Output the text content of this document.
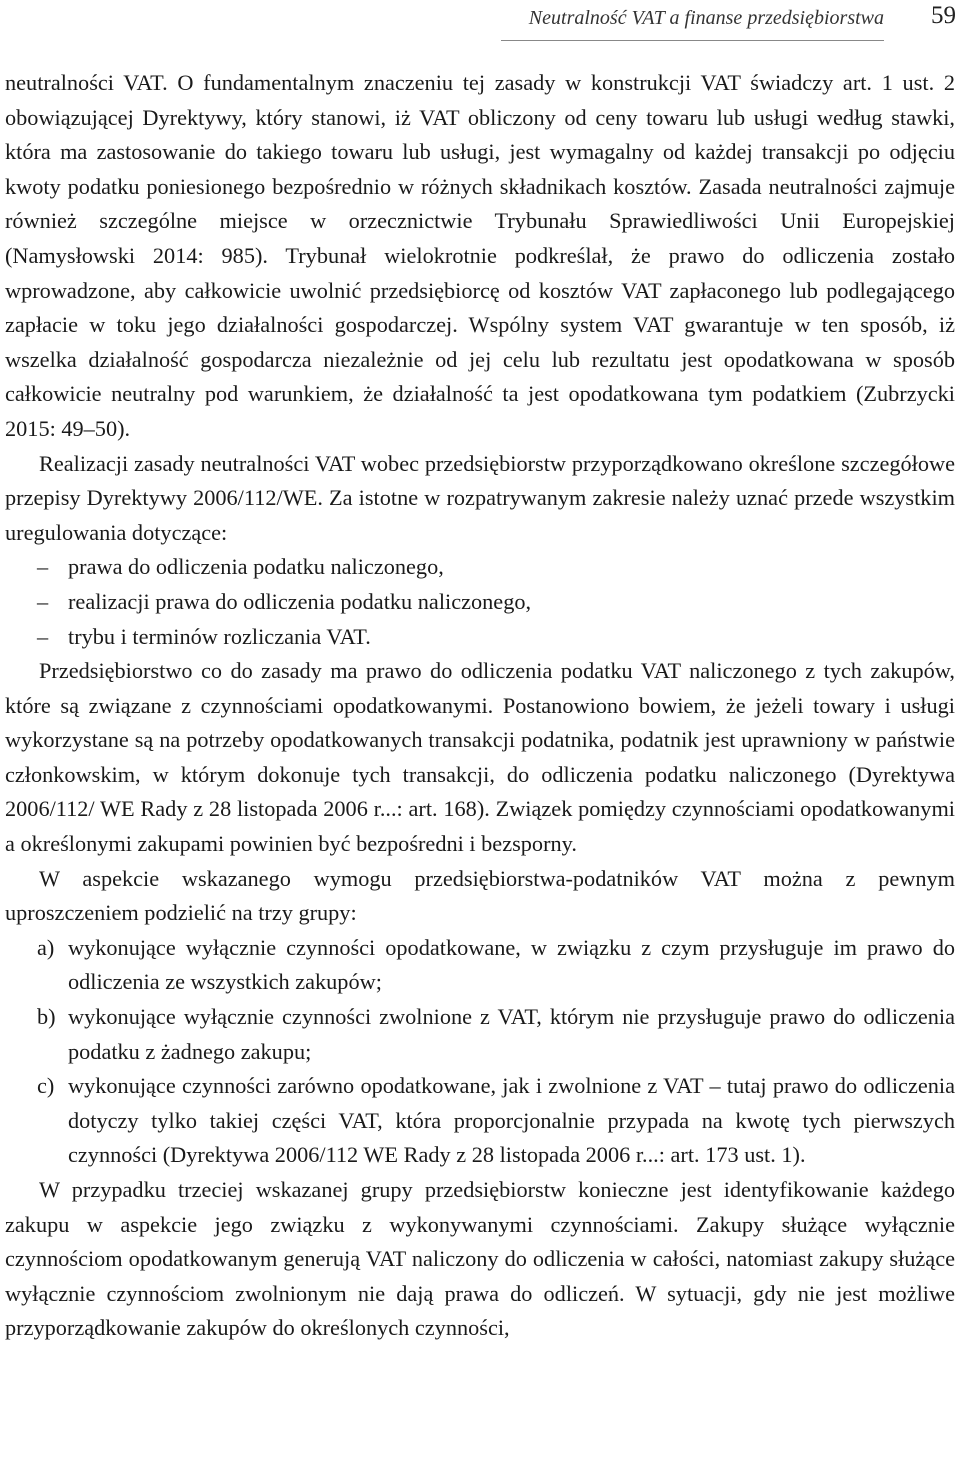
Neutralność VAT a finanse przedsiębiorstwa 59

neutralności VAT. O fundamentalnym znaczeniu tej zasady w konstrukcji VAT świadczy art. 1 ust. 2 obowiązującej Dyrektywy, który stanowi, iż VAT obliczony od ceny towaru lub usługi według stawki, która ma zastosowanie do takiego towaru lub usługi, jest wymagalny od każdej transakcji po odjęciu kwoty podatku poniesionego bezpośrednio w różnych składnikach kosztów. Zasada neutralności zajmuje również szczególne miejsce w orzecznictwie Trybunału Sprawiedliwości Unii Europejskiej (Namysłowski 2014: 985). Trybunał wielokrotnie podkreślał, że prawo do odliczenia zostało wprowadzone, aby całkowicie uwolnić przedsiębiorcę od kosztów VAT zapłaconego lub podlegającego zapłacie w toku jego działalności gospodarczej. Wspólny system VAT gwarantuje w ten sposób, iż wszelka działalność gospodarcza niezależnie od jej celu lub rezultatu jest opodatkowana w sposób całkowicie neutralny pod warunkiem, że działalność ta jest opodatkowana tym podatkiem (Zubrzycki 2015: 49–50).

Realizacji zasady neutralności VAT wobec przedsiębiorstw przyporządkowano określone szczegółowe przepisy Dyrektywy 2006/112/WE. Za istotne w rozpatrywanym zakresie należy uznać przede wszystkim uregulowania dotyczące:

– prawa do odliczenia podatku naliczonego,
– realizacji prawa do odliczenia podatku naliczonego,
– trybu i terminów rozliczania VAT.

Przedsiębiorstwo co do zasady ma prawo do odliczenia podatku VAT naliczonego z tych zakupów, które są związane z czynnościami opodatkowanymi. Postanowiono bowiem, że jeżeli towary i usługi wykorzystane są na potrzeby opodatkowanych transakcji podatnika, podatnik jest uprawniony w państwie członkowskim, w którym dokonuje tych transakcji, do odliczenia podatku naliczonego (Dyrektywa 2006/112/ WE Rady z 28 listopada 2006 r...: art. 168). Związek pomiędzy czynnościami opodatkowanymi a określonymi zakupami powinien być bezpośredni i bezsporny.

W aspekcie wskazanego wymogu przedsiębiorstwa-podatników VAT można z pewnym uproszczeniem podzielić na trzy grupy:

a) wykonujące wyłącznie czynności opodatkowane, w związku z czym przysługuje im prawo do odliczenia ze wszystkich zakupów;
b) wykonujące wyłącznie czynności zwolnione z VAT, którym nie przysługuje prawo do odliczenia podatku z żadnego zakupu;
c) wykonujące czynności zarówno opodatkowane, jak i zwolnione z VAT – tutaj prawo do odliczenia dotyczy tylko takiej części VAT, która proporcjonalnie przypada na kwotę tych pierwszych czynności (Dyrektywa 2006/112 WE Rady z 28 listopada 2006 r...: art. 173 ust. 1).

W przypadku trzeciej wskazanej grupy przedsiębiorstw konieczne jest identyfikowanie każdego zakupu w aspekcie jego związku z wykonywanymi czynnościami. Zakupy służące wyłącznie czynnościom opodatkowanym generują VAT naliczony do odliczenia w całości, natomiast zakupy służące wyłącznie czynnościom zwolnionym nie dają prawa do odliczeń. W sytuacji, gdy nie jest możliwe przyporządkowanie zakupów do określonych czynności,
